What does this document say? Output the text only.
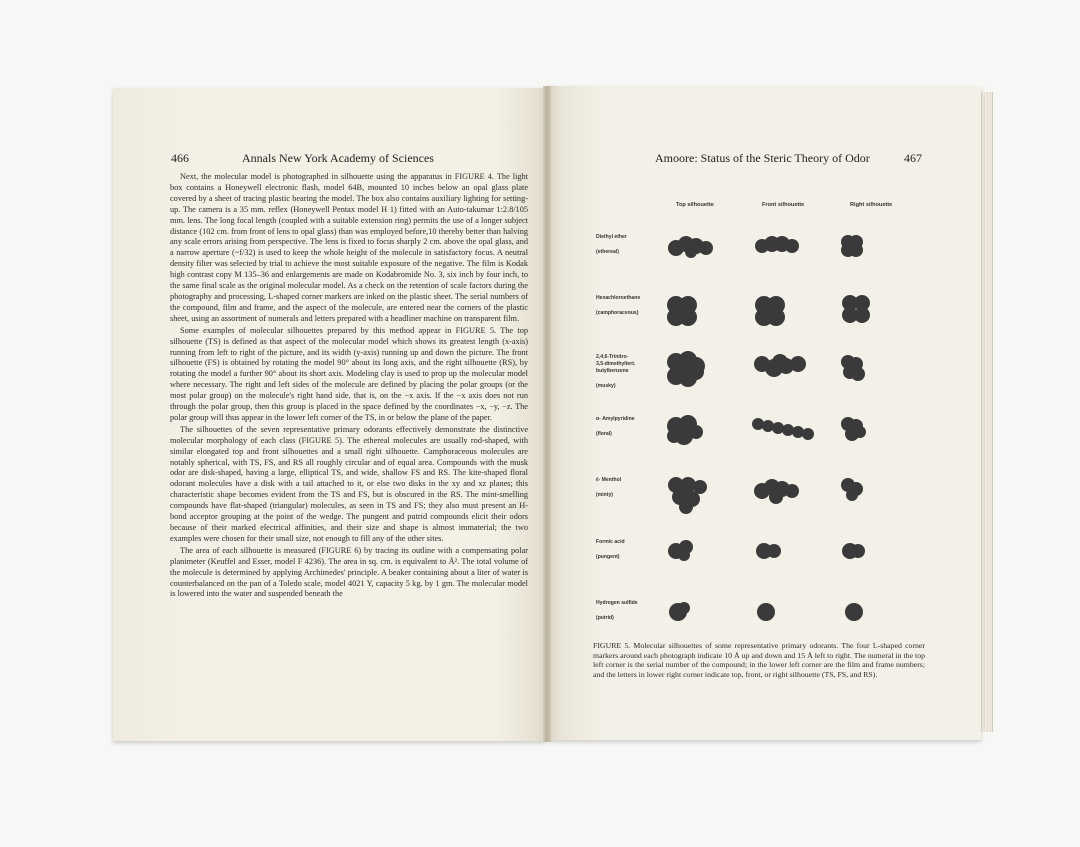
466	Annals New York Academy of Sciences

Next, the molecular model is photographed in silhouette using the apparatus in FIGURE 4. The light box contains a Honeywell electronic flash, model 64B, mounted 10 inches below an opal glass plate covered by a sheet of tracing plastic bearing the model. The box also contains auxiliary lighting for setting-up. The camera is a 35 mm. reflex (Honeywell Pentax model H 1) fitted with an Auto-takumar 1:2.8/105 mm. lens. The long focal length (coupled with a suitable extension ring) permits the use of a longer subject distance (102 cm. from front of lens to opal glass) than was employed before,10 thereby better than halving any scale errors arising from perspective. The lens is fixed to focus sharply 2 cm. above the opal glass, and a narrow aperture (~f/32) is used to keep the whole height of the molecule in satisfactory focus. A neutral density filter was selected by trial to achieve the most suitable exposure of the negative. The film is Kodak high contrast copy M 135–36 and enlargements are made on Kodabromide No. 3, six inch by four inch, to the same final scale as the original molecular model. As a check on the retention of scale factors during the photography and processing, L-shaped corner markers are inked on the plastic sheet. The serial numbers of the compound, film and frame, and the aspect of the molecule, are entered near the corners of the plastic sheet, using an assortment of numerals and letters prepared with a headliner machine on transparent film.

Some examples of molecular silhouettes prepared by this method appear in FIGURE 5. The top silhouette (TS) is defined as that aspect of the molecular model which shows its greatest length (x-axis) running from left to right of the picture, and its width (y-axis) running up and down the picture. The front silhouette (FS) is obtained by rotating the model 90° about its long axis, and the right silhouette (RS), by rotating the model a further 90° about its short axis. Modeling clay is used to prop up the molecular model where necessary. The right and left sides of the molecule are defined by placing the polar groups (or the most polar group) on the molecule's right hand side, that is, on the −x axis. If the −x axis does not run through the polar group, then this group is placed in the space defined by the coordinates −x, −y, −z. The polar group will thus appear in the lower left corner of the TS, in or below the plane of the paper.

The silhouettes of the seven representative primary odorants effectively demonstrate the distinctive molecular morphology of each class (FIGURE 5). The ethereal molecules are usually rod-shaped, with similar elongated top and front silhouettes and a small right silhouette. Camphoraceous molecules are notably spherical, with TS, FS, and RS all roughly circular and of equal area. Compounds with the musk odor are disk-shaped, having a large, elliptical TS, and wide, shallow FS and RS. The kite-shaped floral odorant molecules have a disk with a tail attached to it, or else two disks in the xy and xz planes; this characteristic shape becomes evident from the TS and FS, but is obscured in the RS. The mint-smelling compounds have flat-shaped (triangular) molecules, as seen in TS and FS; they also must present an H-bond acceptor grouping at the point of the wedge. The pungent and putrid compounds elicit their odors because of their marked electrical affinities, and their size and shape is almost immaterial; the two examples were chosen for their small size, not enough to fill any of the other sites.

The area of each silhouette is measured (FIGURE 6) by tracing its outline with a compensating polar planimeter (Keuffel and Esser, model F 4236). The area in sq. cm. is equivalent to Å². The total volume of the molecule is determined by applying Archimedes' principle. A beaker containing about a liter of water is counterbalanced on the pan of a Toledo scale, model 4021 Y, capacity 5 kg. by 1 gm. The molecular model is lowered into the water and suspended beneath the

Amoore: Status of the Steric Theory of Odor	467
Top silhouette	Front silhouette	Right silhouette
Diethyl ether
(ethereal)
Hexachloroethane
(camphoraceous)
2,4,6-Trinitro-
3,5-dimethyltert.
butylbenzene
(musky)
α- Amylpyridine
(floral)
ℓ- Menthol
(minty)
Formic acid
(pungent)
Hydrogen sulfide
(putrid)
FIGURE 5. Molecular silhouettes of some representative primary odorants. The four L-shaped corner markers around each photograph indicate 10 Å up and down and 15 Å left to right. The numeral in the top left corner is the serial number of the compound; in the lower left corner are the film and frame numbers; and the letters in lower right corner indicate top, front, or right silhouette (TS, FS, and RS).
